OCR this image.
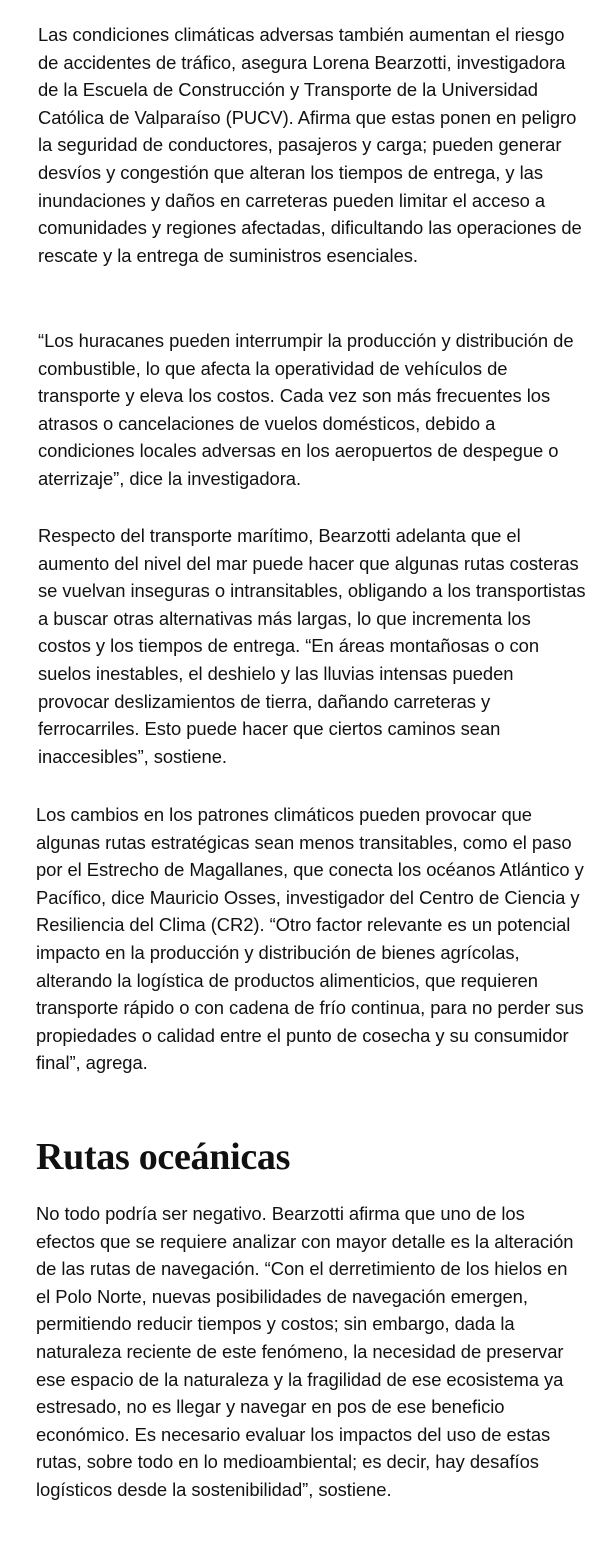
Las condiciones climáticas adversas también aumentan el riesgo de accidentes de tráfico, asegura Lorena Bearzotti, investigadora de la Escuela de Construcción y Transporte de la Universidad Católica de Valparaíso (PUCV). Afirma que estas ponen en peligro la seguridad de conductores, pasajeros y carga; pueden generar desvíos y congestión que alteran los tiempos de entrega, y las inundaciones y daños en carreteras pueden limitar el acceso a comunidades y regiones afectadas, dificultando las operaciones de rescate y la entrega de suministros esenciales.

“Los huracanes pueden interrumpir la producción y distribución de combustible, lo que afecta la operatividad de vehículos de transporte y eleva los costos. Cada vez son más frecuentes los atrasos o cancelaciones de vuelos domésticos, debido a condiciones locales adversas en los aeropuertos de despegue o aterrizaje”, dice la investigadora.

Respecto del transporte marítimo, Bearzotti adelanta que el aumento del nivel del mar puede hacer que algunas rutas costeras se vuelvan inseguras o intransitables, obligando a los transportistas a buscar otras alternativas más largas, lo que incrementa los costos y los tiempos de entrega. “En áreas montañosas o con suelos inestables, el deshielo y las lluvias intensas pueden provocar deslizamientos de tierra, dañando carreteras y ferrocarriles. Esto puede hacer que ciertos caminos sean inaccesibles”, sostiene.

Los cambios en los patrones climáticos pueden provocar que algunas rutas estratégicas sean menos transitables, como el paso por el Estrecho de Magallanes, que conecta los océanos Atlántico y Pacífico, dice Mauricio Osses, investigador del Centro de Ciencia y Resiliencia del Clima (CR2). “Otro factor relevante es un potencial impacto en la producción y distribución de bienes agrícolas, alterando la logística de productos alimenticios, que requieren transporte rápido o con cadena de frío continua, para no perder sus propiedades o calidad entre el punto de cosecha y su consumidor final”, agrega.

Rutas oceánicas

No todo podría ser negativo. Bearzotti afirma que uno de los efectos que se requiere analizar con mayor detalle es la alteración de las rutas de navegación. “Con el derretimiento de los hielos en el Polo Norte, nuevas posibilidades de navegación emergen, permitiendo reducir tiempos y costos; sin embargo, dada la naturaleza reciente de este fenómeno, la necesidad de preservar ese espacio de la naturaleza y la fragilidad de ese ecosistema ya estresado, no es llegar y navegar en pos de ese beneficio económico. Es necesario evaluar los impactos del uso de estas rutas, sobre todo en lo medioambiental; es decir, hay desafíos logísticos desde la sostenibilidad”, sostiene.
